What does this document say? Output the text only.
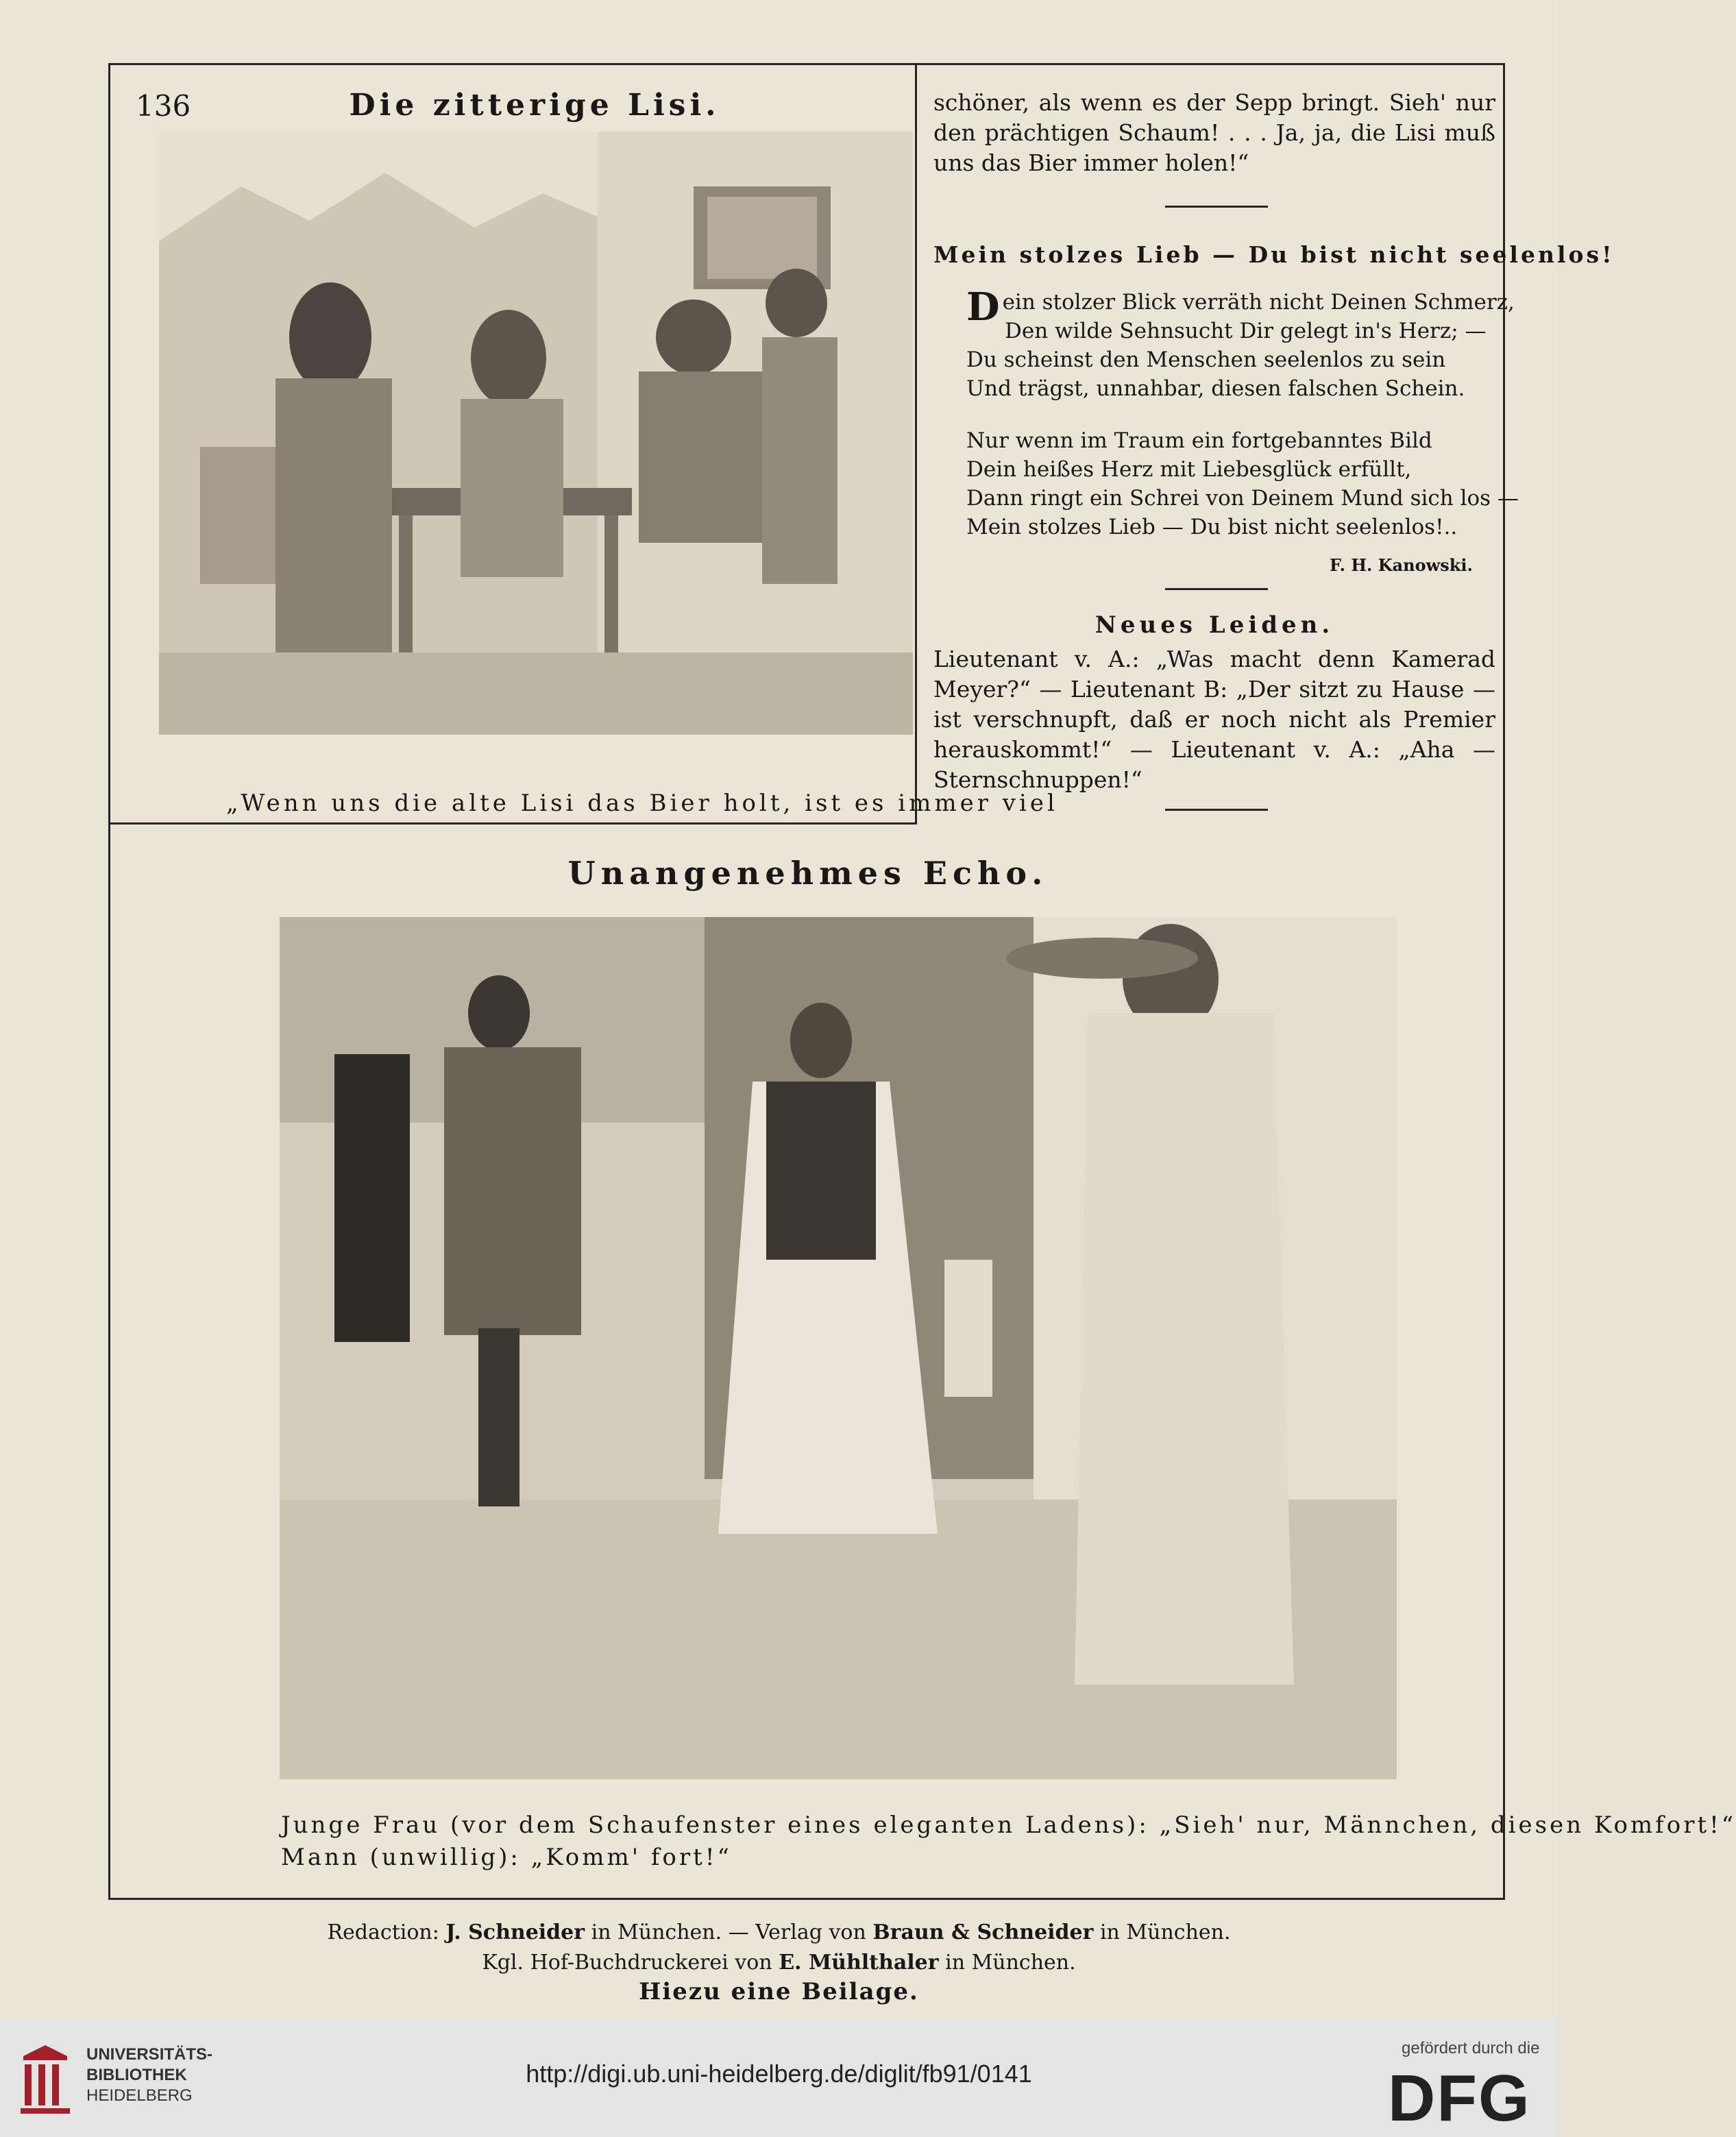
136	Die zitterige Lisi.
„Wenn uns die alte Lisi das Bier holt, ist es immer viel

schöner, als wenn es der Sepp bringt. Sieh' nur den prächtigen Schaum! . . . Ja, ja, die Lisi muß uns das Bier immer holen!“

Mein stolzes Lieb — Du bist nicht seelenlos!
Dein stolzer Blick verräth nicht Deinen Schmerz,
Den wilde Sehnsucht Dir gelegt in's Herz; —
Du scheinst den Menschen seelenlos zu sein
Und trägst, unnahbar, diesen falschen Schein.
Nur wenn im Traum ein fortgebanntes Bild
Dein heißes Herz mit Liebesglück erfüllt,
Dann ringt ein Schrei von Deinem Mund sich los —
Mein stolzes Lieb — Du bist nicht seelenlos!..
F. H. Kanowski.
Neues Leiden.
Lieutenant v. A.: „Was macht denn Kamerad Meyer?“ — Lieutenant B: „Der sitzt zu Hause — ist verschnupft, daß er noch nicht als Premier herauskommt!“ — Lieutenant v. A.: „Aha — Sternschnuppen!“
Unangenehmes Echo.
Junge Frau (vor dem Schaufenster eines eleganten Ladens): „Sieh' nur, Männchen, diesen Komfort!“
Mann (unwillig): „Komm' fort!“
Redaction: J. Schneider in München. — Verlag von Braun & Schneider in München.
Kgl. Hof-Buchdruckerei von E. Mühlthaler in München.
Hiezu eine Beilage.
UNIVERSITÄTS-
BIBLIOTHEK
HEIDELBERG
http://digi.ub.uni-heidelberg.de/diglit/fb91/0141
gefördert durch die
DFG
